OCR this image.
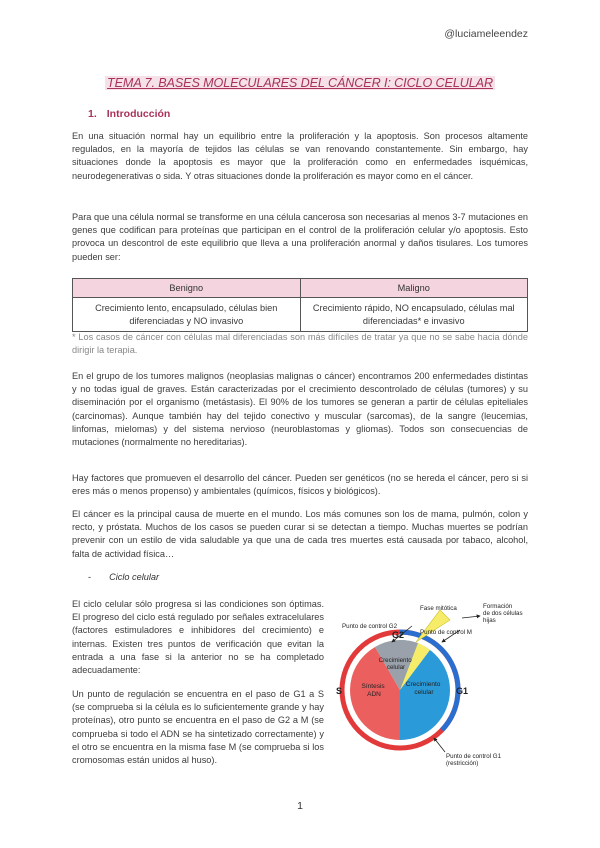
@luciameleendez
TEMA 7. BASES MOLECULARES DEL CÁNCER I: CICLO CELULAR
1. Introducción
En una situación normal hay un equilibrio entre la proliferación y la apoptosis. Son procesos altamente regulados, en la mayoría de tejidos las células se van renovando constantemente. Sin embargo, hay situaciones donde la apoptosis es mayor que la proliferación como en enfermedades isquémicas, neurodegenerativas o sida. Y otras situaciones donde la proliferación es mayor como en el cáncer.
Para que una célula normal se transforme en una célula cancerosa son necesarias al menos 3-7 mutaciones en genes que codifican para proteínas que participan en el control de la proliferación celular y/o apoptosis. Esto provoca un descontrol de este equilibrio que lleva a una proliferación anormal y daños tisulares. Los tumores pueden ser:
Benigno	Maligno
Crecimiento lento, encapsulado, células bien diferenciadas y NO invasivo	Crecimiento rápido, NO encapsulado, células mal diferenciadas* e invasivo
* Los casos de cáncer con células mal diferenciadas son más difíciles de tratar ya que no se sabe hacia dónde dirigir la terapia.
En el grupo de los tumores malignos (neoplasias malignas o cáncer) encontramos 200 enfermedades distintas y no todas igual de graves. Están caracterizadas por el crecimiento descontrolado de células (tumores) y su diseminación por el organismo (metástasis). El 90% de los tumores se generan a partir de células epiteliales (carcinomas). Aunque también hay del tejido conectivo y muscular (sarcomas), de la sangre (leucemias, linfomas, mielomas) y del sistema nervioso (neuroblastomas y gliomas). Todos son consecuencias de mutaciones (normalmente no hereditarias).
Hay factores que promueven el desarrollo del cáncer. Pueden ser genéticos (no se hereda el cáncer, pero si si eres más o menos propenso) y ambientales (químicos, físicos y biológicos).
El cáncer es la principal causa de muerte en el mundo. Los más comunes son los de mama, pulmón, colon y recto, y próstata. Muchos de los casos se pueden curar si se detectan a tiempo. Muchas muertes se podrían prevenir con un estilo de vida saludable ya que una de cada tres muertes está causada por tabaco, alcohol, falta de actividad física…
- Ciclo celular
El ciclo celular sólo progresa si las condiciones son óptimas. El progreso del ciclo está regulado por señales extracelulares (factores estimuladores e inhibidores del crecimiento) e internas. Existen tres puntos de verificación que evitan la entrada a una fase si la anterior no se ha completado adecuadamente:
Un punto de regulación se encuentra en el paso de G1 a S (se comprueba si la célula es lo suficientemente grande y hay proteínas), otro punto se encuentra en el paso de G2 a M (se comprueba si todo el ADN se ha sintetizado correctamente) y el otro se encuentra en la misma fase M (se comprueba si los cromosomas están unidos al huso).
Fase mitótica	Formación de dos células hijas
Punto de control G2
Punto de control M
G2
Crecimiento celular
S	Síntesis ADN
Crecimiento celular	G1
Punto de control G1 (restricción)
1
